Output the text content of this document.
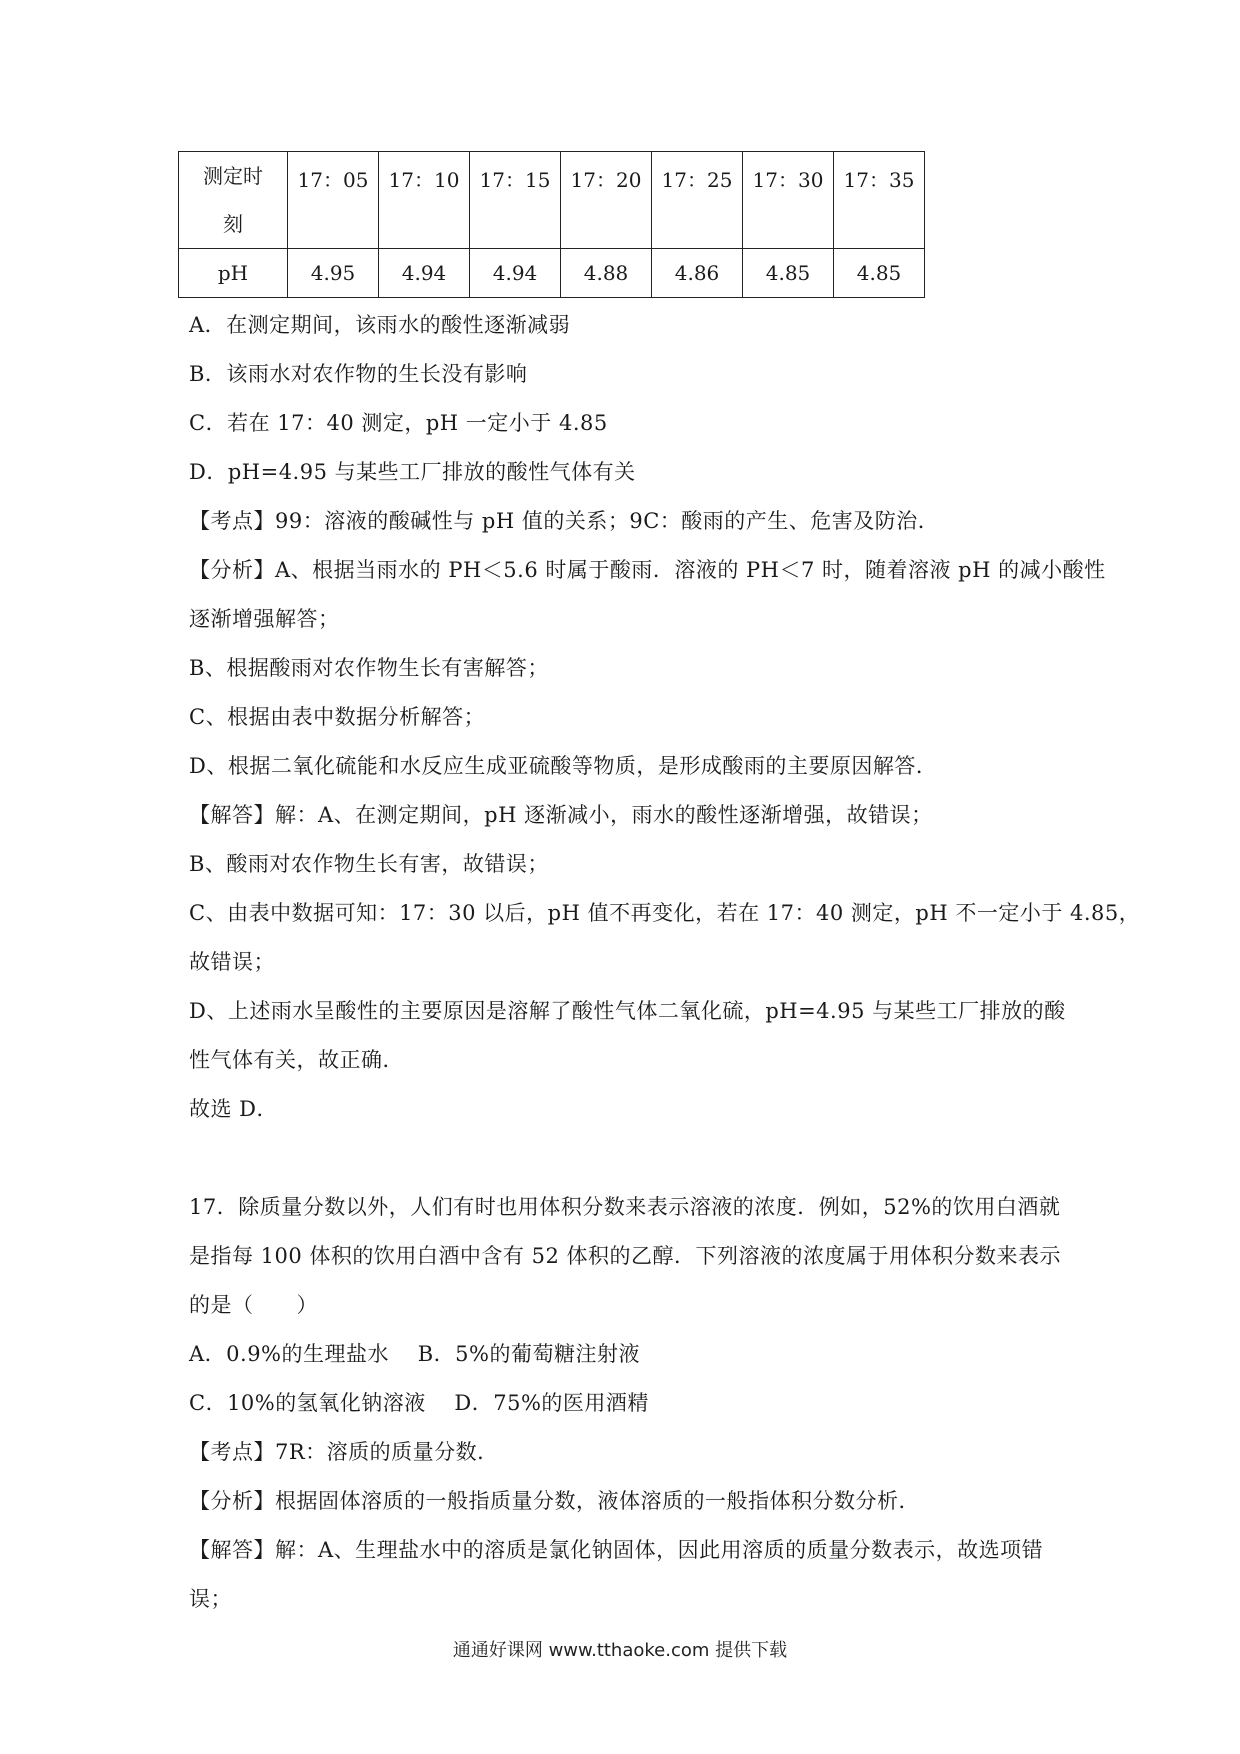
测定时
刻	17：05	17：10	17：15	17：20	17：25	17：30	17：35
pH	4.95	4.94	4.94	4.88	4.86	4.85	4.85
A．在测定期间，该雨水的酸性逐渐减弱
B．该雨水对农作物的生长没有影响
C．若在 17：40 测定，pH 一定小于 4.85
D．pH=4.95 与某些工厂排放的酸性气体有关
【考点】99：溶液的酸碱性与 pH 值的关系；9C：酸雨的产生、危害及防治．
【分析】A、根据当雨水的 PH＜5.6 时属于酸雨．溶液的 PH＜7 时，随着溶液 pH 的减小酸性
逐渐增强解答；
B、根据酸雨对农作物生长有害解答；
C、根据由表中数据分析解答；
D、根据二氧化硫能和水反应生成亚硫酸等物质，是形成酸雨的主要原因解答．
【解答】解：A、在测定期间，pH 逐渐减小，雨水的酸性逐渐增强，故错误；
B、酸雨对农作物生长有害，故错误；
C、由表中数据可知：17：30 以后，pH 值不再变化，若在 17：40 测定，pH 不一定小于 4.85，
故错误；
D、上述雨水呈酸性的主要原因是溶解了酸性气体二氧化硫，pH=4.95 与某些工厂排放的酸
性气体有关，故正确．
故选 D．
17．除质量分数以外，人们有时也用体积分数来表示溶液的浓度．例如，52%的饮用白酒就
是指每 100 体积的饮用白酒中含有 52 体积的乙醇．下列溶液的浓度属于用体积分数来表示
的是（　　）
A．0.9%的生理盐水　 B．5%的葡萄糖注射液
C．10%的氢氧化钠溶液　 D．75%的医用酒精
【考点】7R：溶质的质量分数．
【分析】根据固体溶质的一般指质量分数，液体溶质的一般指体积分数分析．
【解答】解：A、生理盐水中的溶质是氯化钠固体，因此用溶质的质量分数表示，故选项错
误；
通通好课网 www.tthaoke.com 提供下载
